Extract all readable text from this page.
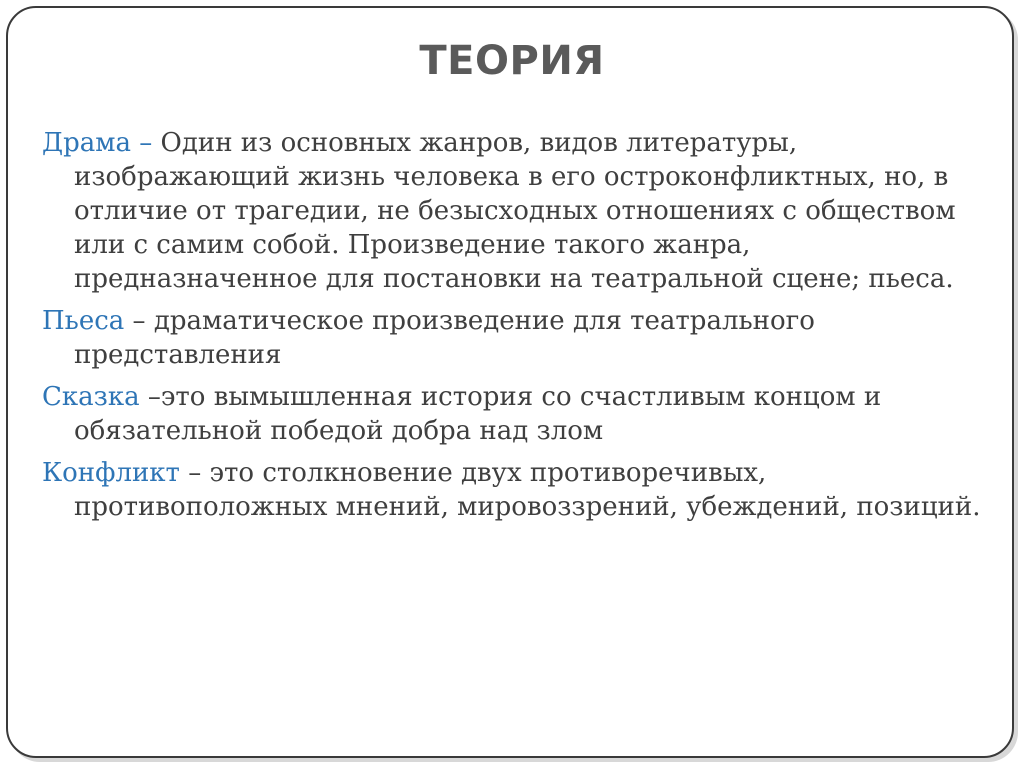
ТЕОРИЯ

Драма – Один из основных жанров, видов литературы, изображающий жизнь человека в его остроконфликтных, но, в отличие от трагедии, не безысходных отношениях с обществом или с самим собой. Произведение такого жанра, предназначенное для постановки на театральной сцене; пьеса.

Пьеса – драматическое произведение для театрального представления

Сказка –это вымышленная история со счастливым концом и обязательной победой добра над злом

Конфликт – это столкновение двух противоречивых, противоположных мнений, мировоззрений, убеждений, позиций.
